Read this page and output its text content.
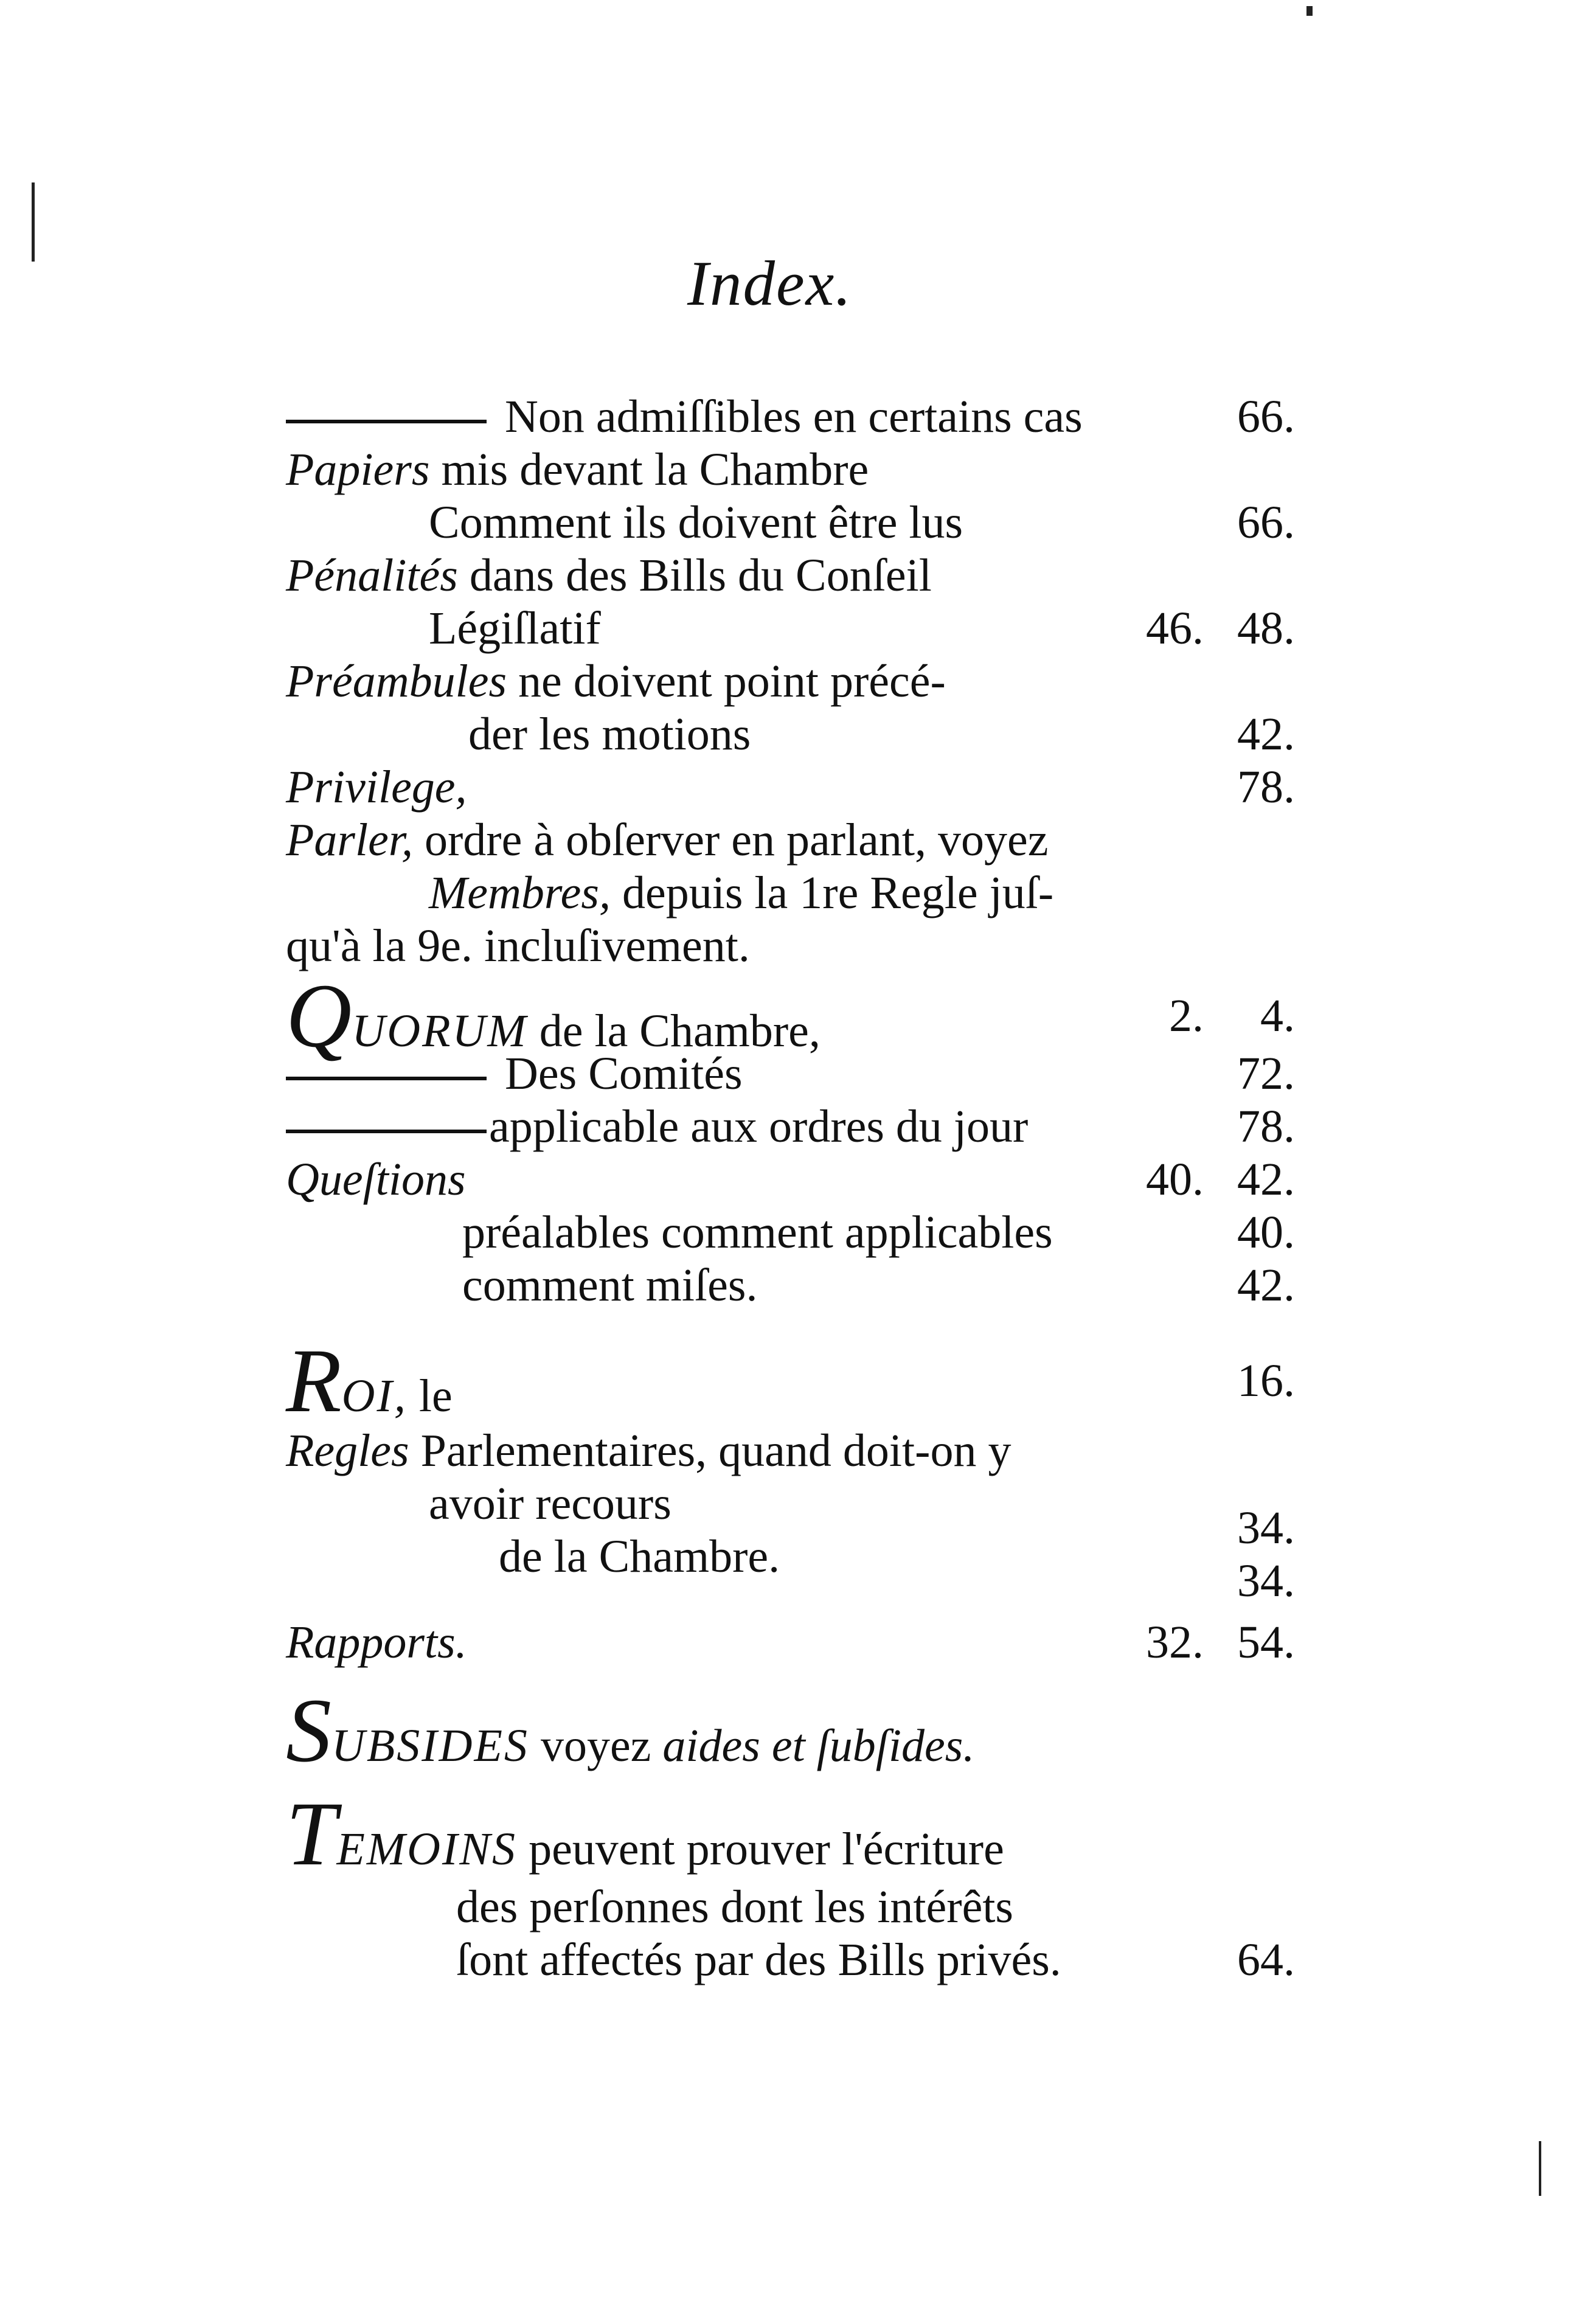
Index.
Non admiſſibles en certains cas	66.
Papiers mis devant la Chambre
Comment ils doivent être lus	66.
Pénalités dans des Bills du Conſeil
Légiſlatif	46. 48.
Préambules ne doivent point précé-
der les motions	42.
Privilege,	78.
Parler, ordre à obſerver en parlant, voyez
Membres, depuis la 1re Regle juſ-
qu'à la 9e. incluſivement.
QUORUM de la Chambre,	2. 4.
Des Comités	72.
applicable aux ordres du jour	78.
Queſtions	40. 42.
préalables comment applicables	40.
comment miſes.	42.
ROI, le	16.
Regles Parlementaires, quand doit-on y
avoir recours	34.
de la Chambre.	34.
Rapports.	32. 54.
SUBSIDES voyez aides et ſubſides.
TEMOINS peuvent prouver l'écriture
des perſonnes dont les intérêts
ſont affectés par des Bills privés.	64.
